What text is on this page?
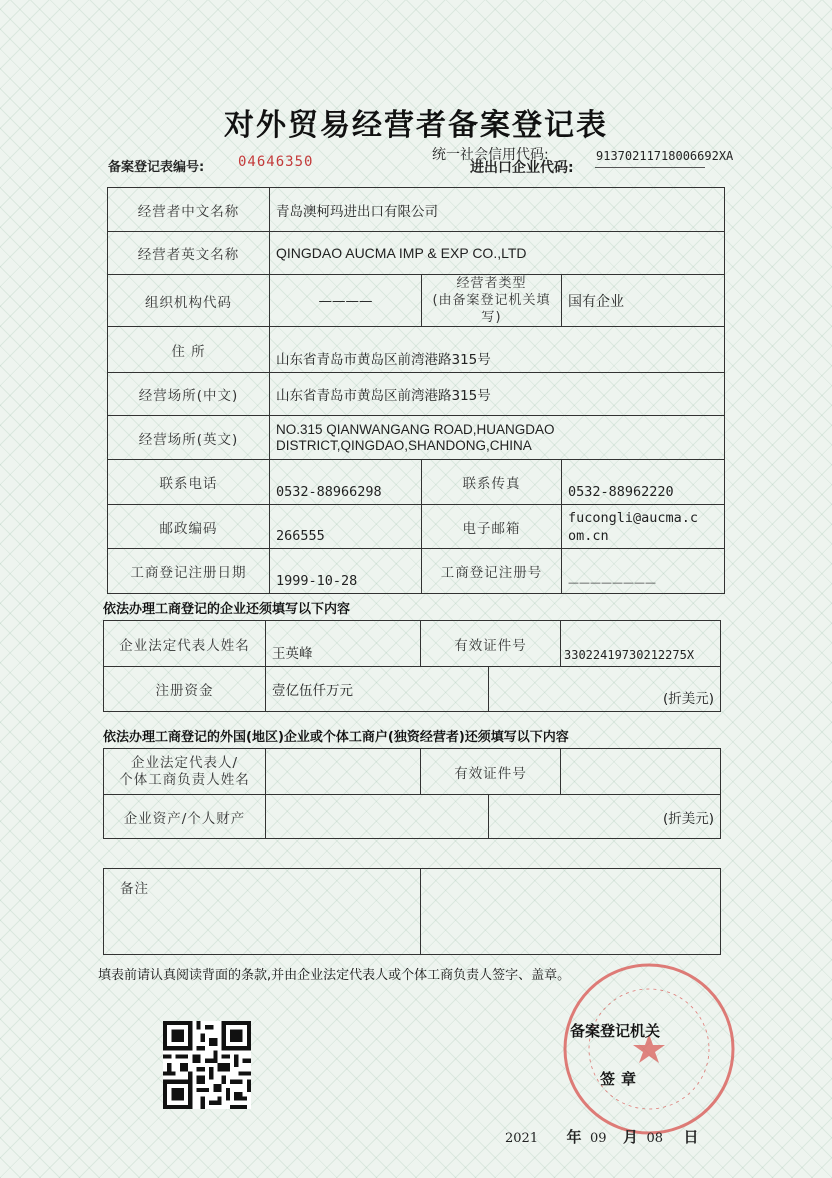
对外贸易经营者备案登记表
备案登记表编号: 04646350	统一社会信用代码:
进出口企业代码:
91370211718006692XA
经营者中文名称	青岛澳柯玛进出口有限公司		
经营者英文名称	QINGDAO AUCMA IMP & EXP CO.,LTD		
组织机构代码	————	经营者类型
(由备案登记机关填写)	国有企业
住 所	山东省青岛市黄岛区前湾港路315号		
经营场所(中文)	山东省青岛市黄岛区前湾港路315号		
经营场所(英文)	NO.315 QIANWANGANG ROAD,HUANGDAO
DISTRICT,QINGDAO,SHANDONG,CHINA		

联系电话	0532-88966298	联系传真	0532-88962220
邮政编码	266555	电子邮箱	fucongli@aucma.c
om.cn

工商登记注册日期	1999-10-28	工商登记注册号	————————
依法办理工商登记的企业还须填写以下内容
企业法定代表人姓名	王英峰	有效证件号		33022419730212275X
注册资金	壹亿伍仟万元		(折美元)	
依法办理工商登记的外国(地区)企业或个体工商户(独资经营者)还须填写以下内容
企业法定代表人/
个体工商负责人姓名		有效证件号		
企业资产/个人财产			(折美元)	
备注	
填表前请认真阅读背面的条款,并由企业法定代表人或个体工商负责人签字、盖章。
备案登记机关
签章
2021 年 09 月 08 日
